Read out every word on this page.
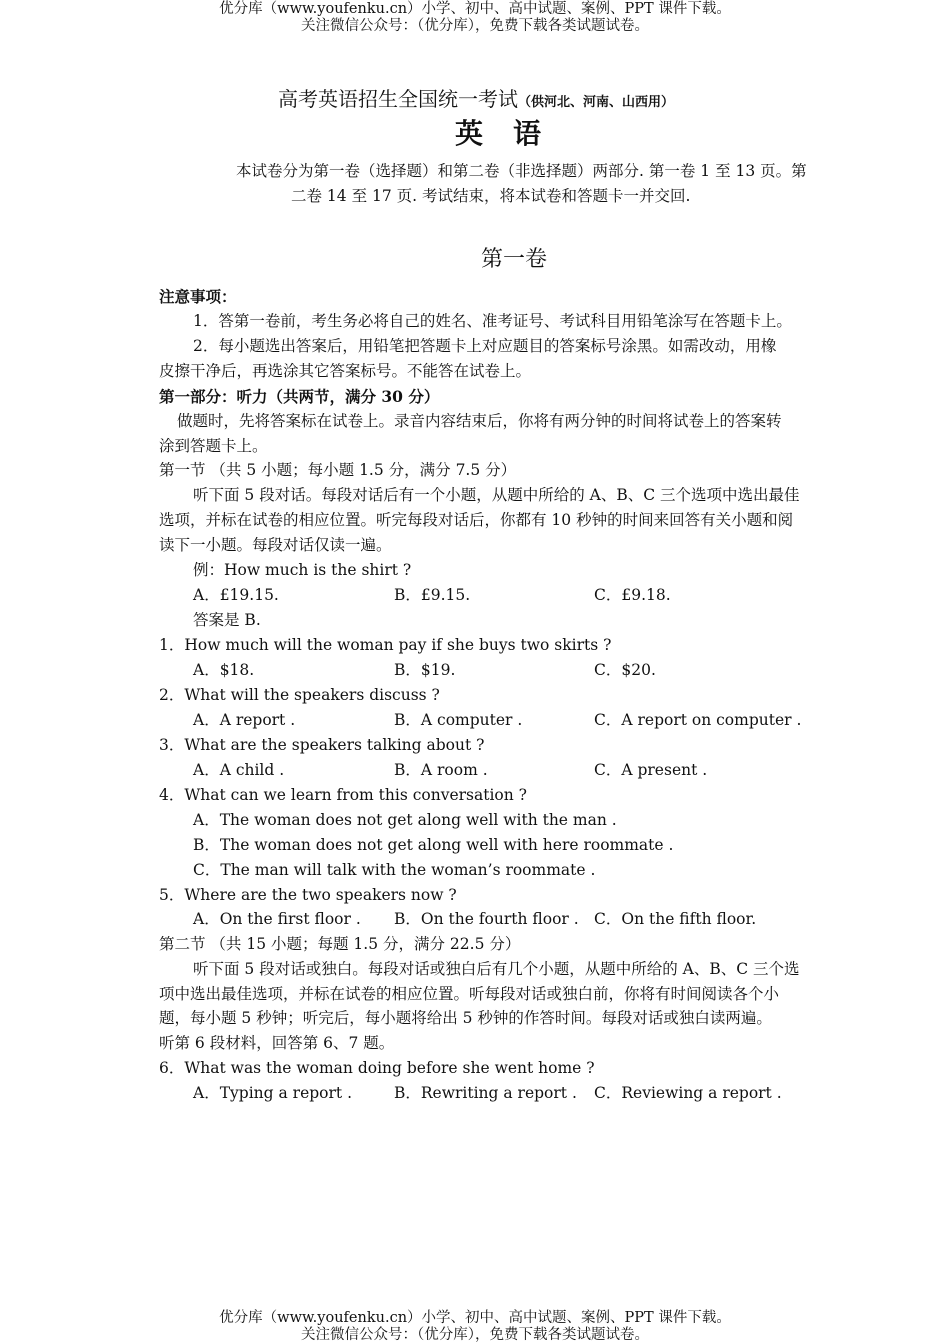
优分库（www.youfenku.cn）小学、初中、高中试题、案例、PPT 课件下载。
关注微信公众号：（优分库），免费下载各类试题试卷。
高考英语招生全国统一考试（供河北、河南、山西用）
英语
本试卷分为第一卷（选择题）和第二卷（非选择题）两部分. 第一卷 1 至 13 页。第
二卷 14 至 17 页. 考试结束，将本试卷和答题卡一并交回.
第一卷
注意事项：
1．答第一卷前，考生务必将自己的姓名、准考证号、考试科目用铅笔涂写在答题卡上。
2．每小题选出答案后，用铅笔把答题卡上对应题目的答案标号涂黑。如需改动，用橡
皮擦干净后，再选涂其它答案标号。不能答在试卷上。
第一部分：听力（共两节，满分 30 分）
做题时，先将答案标在试卷上。录音内容结束后，你将有两分钟的时间将试卷上的答案转
涂到答题卡上。
第一节 （共 5 小题；每小题 1.5 分，满分 7.5 分）
听下面 5 段对话。每段对话后有一个小题，从题中所给的 A、B、C 三个选项中选出最佳
选项，并标在试卷的相应位置。听完每段对话后，你都有 10 秒钟的时间来回答有关小题和阅
读下一小题。每段对话仅读一遍。
例：How much is the shirt ?
A．£19.15.	B．£9.15.	C．£9.18.
答案是 B.
1．How much will the woman pay if she buys two skirts ?
A．$18.	B．$19.	C．$20.
2．What will the speakers discuss ?
A．A report .	B．A computer .	C．A report on computer .
3．What are the speakers talking about ?
A．A child .	B．A room .	C．A present .
4．What can we learn from this conversation ?
A．The woman does not get along well with the man .
B．The woman does not get along well with here roommate .
C．The man will talk with the woman’s roommate .
5．Where are the two speakers now ?
A．On the first floor . B．On the fourth floor . C．On the fifth floor.
第二节 （共 15 小题；每题 1.5 分，满分 22.5 分）
听下面 5 段对话或独白。每段对话或独白后有几个小题，从题中所给的 A、B、C 三个选
项中选出最佳选项，并标在试卷的相应位置。听每段对话或独白前，你将有时间阅读各个小
题，每小题 5 秒钟；听完后，每小题将给出 5 秒钟的作答时间。每段对话或独白读两遍。
听第 6 段材料，回答第 6、7 题。
6．What was the woman doing before she went home ?
A．Typing a report .	B．Rewriting a report . C．Reviewing a report .
优分库（www.youfenku.cn）小学、初中、高中试题、案例、PPT 课件下载。
关注微信公众号：（优分库），免费下载各类试题试卷。
